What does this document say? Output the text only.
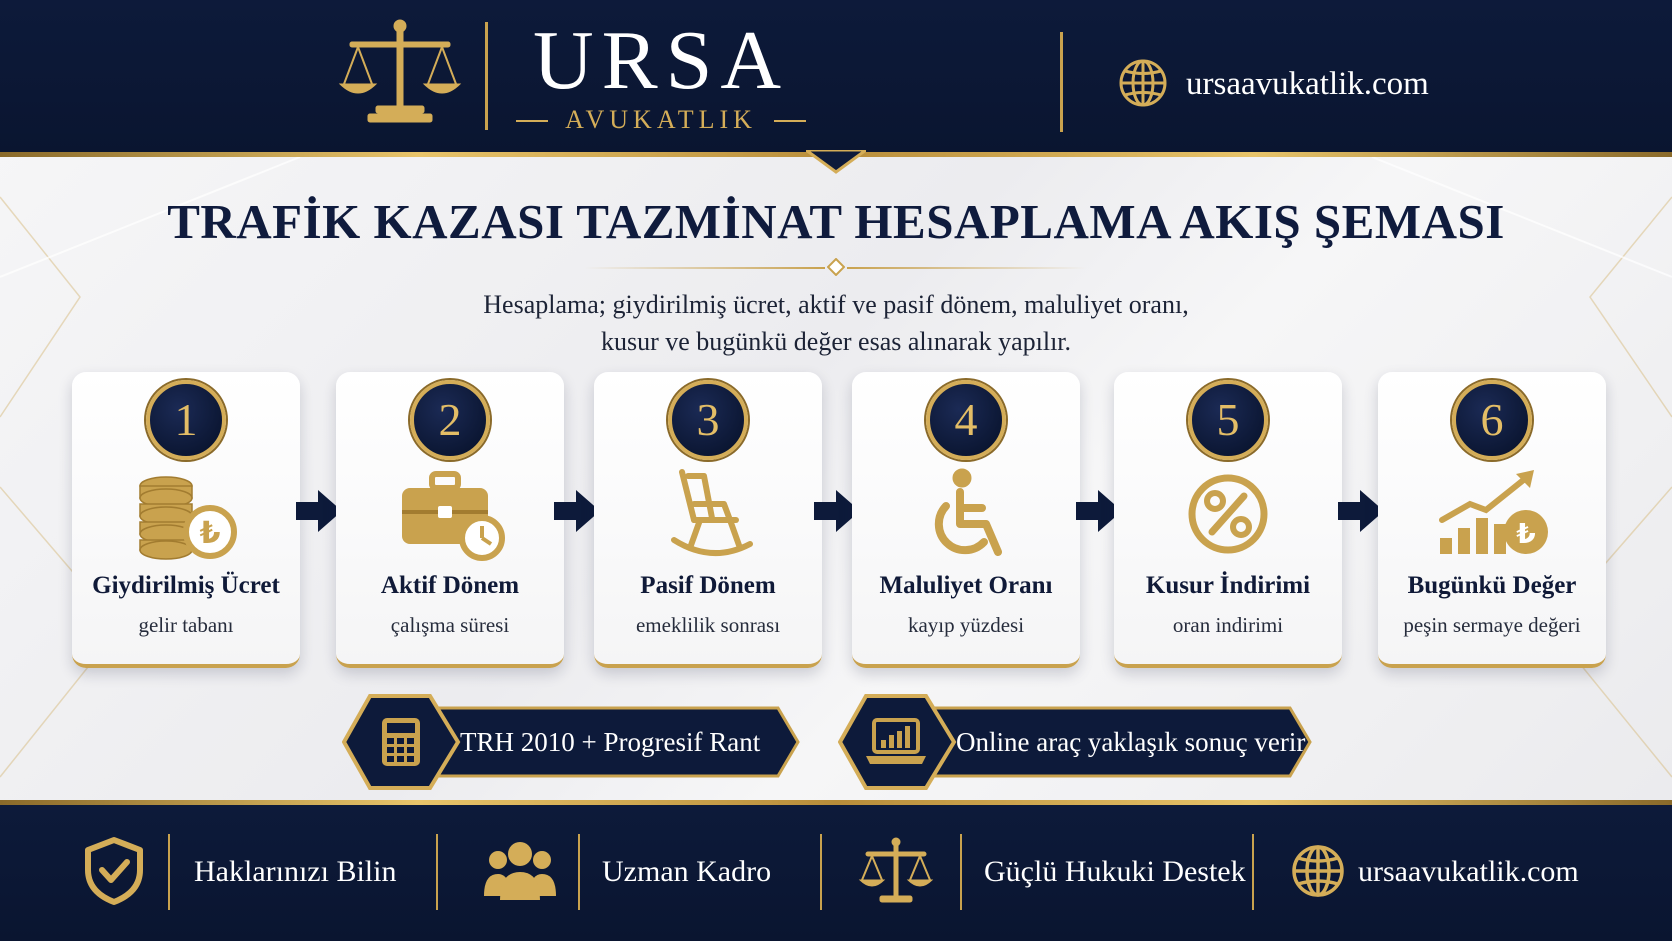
URSA
AVUKATLIK
ursaavukatlik.com
TRAFİK KAZASI TAZMİNAT HESAPLAMA AKIŞ ŞEMASI
Hesaplama; giydirilmiş ücret, aktif ve pasif dönem, maluliyet oranı,
kusur ve bugünkü değer esas alınarak yapılır.
1
₺
Giydirilmiş Ücret
gelir tabanı
2
Aktif Dönem
çalışma süresi
3
Pasif Dönem
emeklilik sonrası
4
Maluliyet Oranı
kayıp yüzdesi
5
Kusur İndirimi
oran indirimi
6
₺
Bugünkü Değer
peşin sermaye değeri
TRH 2010 + Progresif Rant	Online araç yaklaşık sonuç verir
Haklarınızı Bilin	Uzman Kadro	Güçlü Hukuki Destek	ursaavukatlik.com
